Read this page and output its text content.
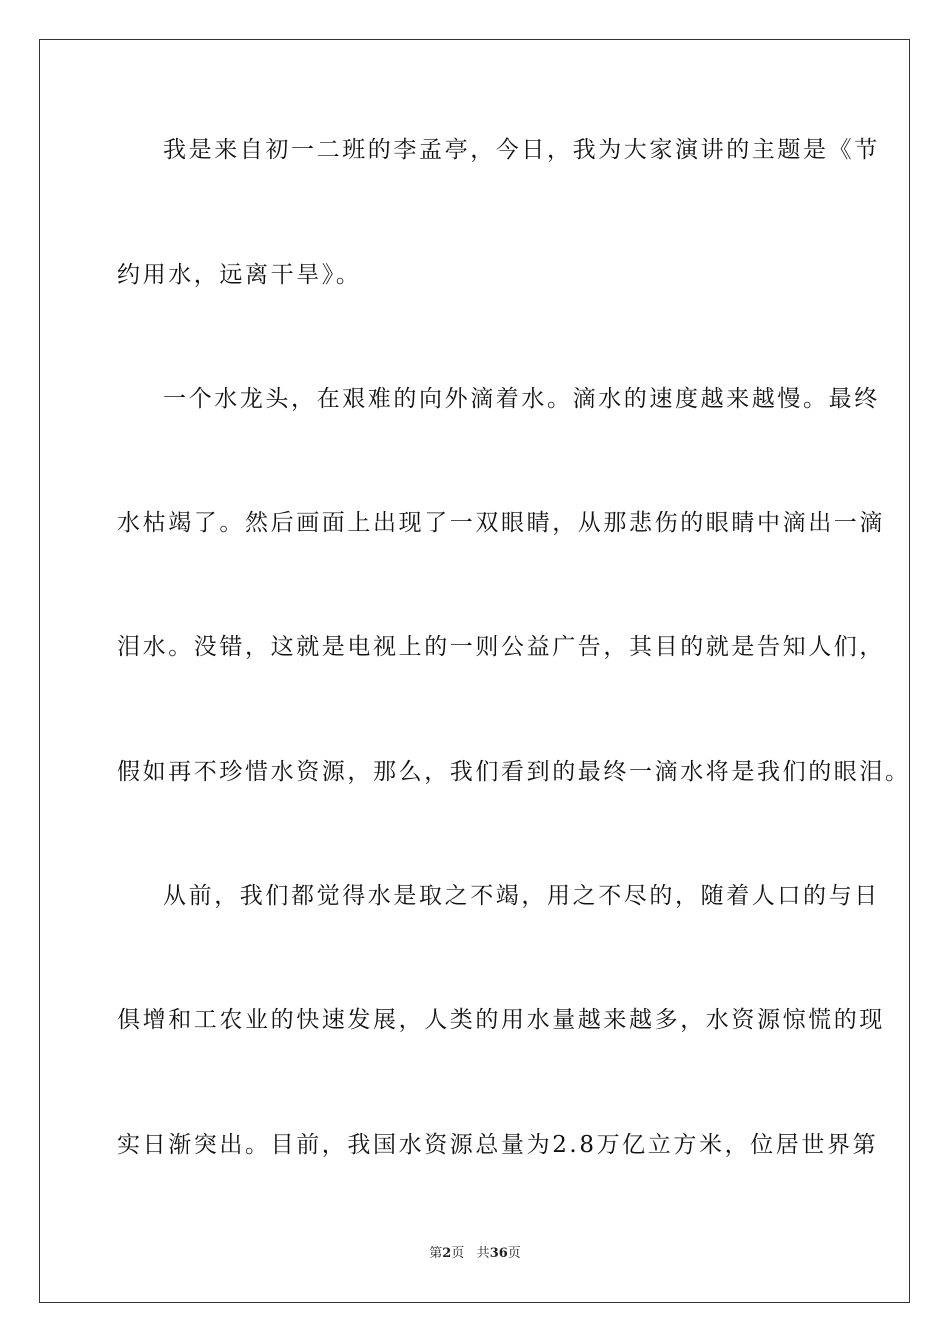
我是来自初一二班的李孟亭，今日，我为大家演讲的主题是《节
约用水，远离干旱》。
一个水龙头，在艰难的向外滴着水。滴水的速度越来越慢。最终
水枯竭了。然后画面上出现了一双眼睛，从那悲伤的眼睛中滴出一滴
泪水。没错，这就是电视上的一则公益广告，其目的就是告知人们，
假如再不珍惜水资源，那么，我们看到的最终一滴水将是我们的眼泪。
从前，我们都觉得水是取之不竭，用之不尽的，随着人口的与日
俱增和工农业的快速发展，人类的用水量越来越多，水资源惊慌的现
实日渐突出。目前，我国水资源总量为2.8万亿立方米，位居世界第
第2页 共36页
